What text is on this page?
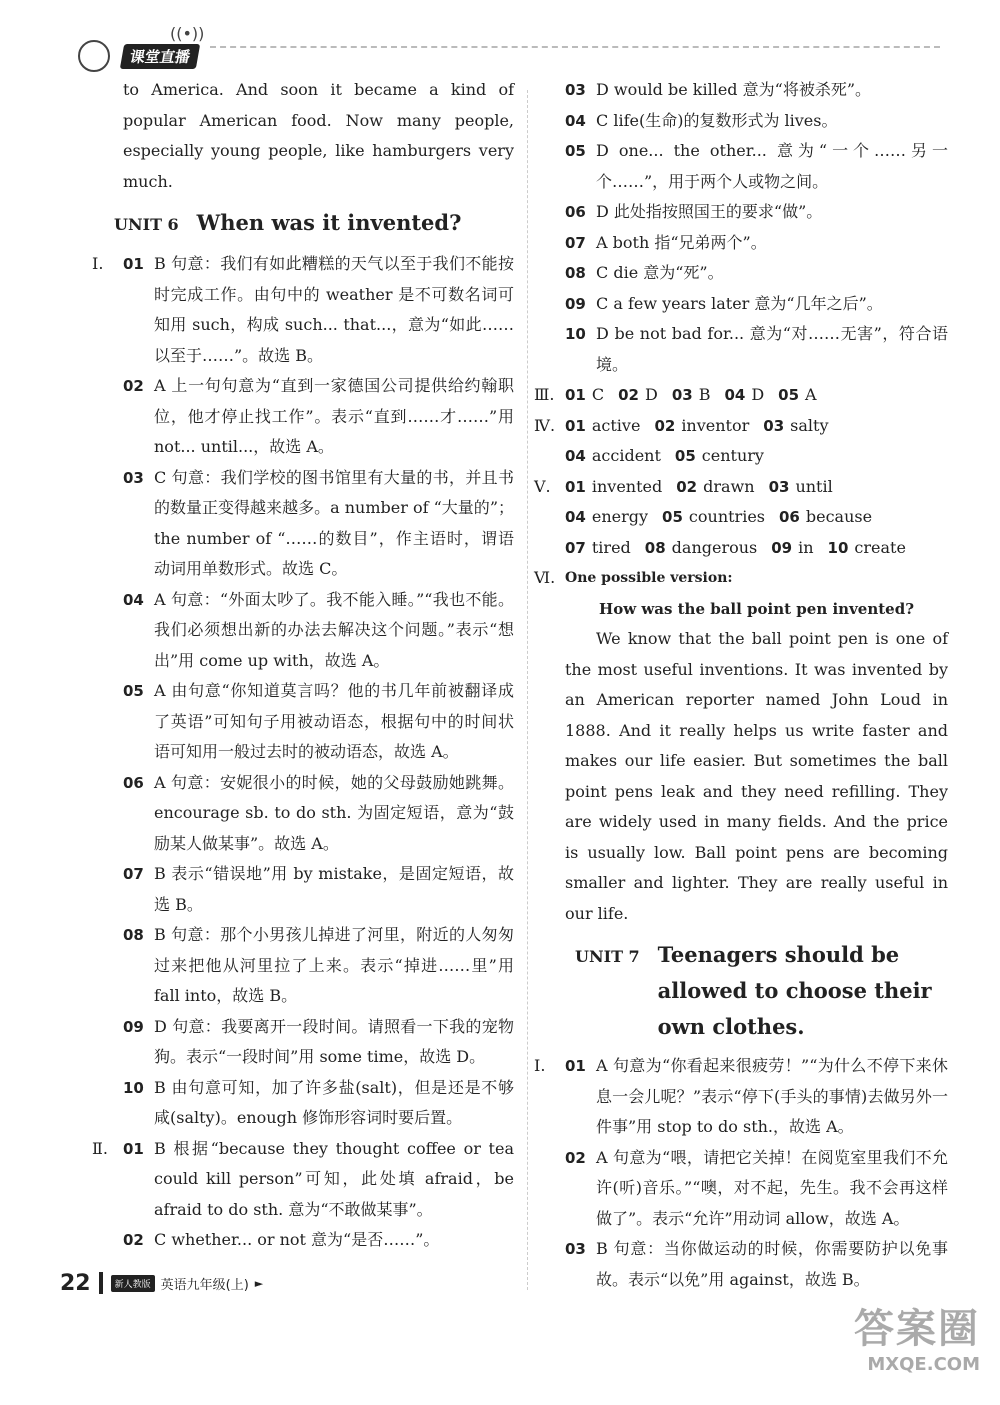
课堂直播
((•))
to America. And soon it became a kind of popular American food. Now many people, especially young people, like hamburgers very much.
UNIT 6 When was it invented?
Ⅰ.	01 B 句意：我们有如此糟糕的天气以至于我们不能按时完成工作。由句中的 weather 是不可数名词可知用 such，构成 such... that...，意为“如此……以至于……”。故选 B。
02 A 上一句句意为“直到一家德国公司提供给约翰职位，他才停止找工作”。表示“直到……才……”用 not... until...，故选 A。
03 C 句意：我们学校的图书馆里有大量的书，并且书的数量正变得越来越多。a number of “大量的”；the number of “……的数目”，作主语时，谓语动词用单数形式。故选 C。
04 A 句意：“外面太吵了。我不能入睡。”“我也不能。我们必须想出新的办法去解决这个问题。”表示“想出”用 come up with，故选 A。
05 A 由句意“你知道莫言吗？他的书几年前被翻译成了英语”可知句子用被动语态，根据句中的时间状语可知用一般过去时的被动语态，故选 A。
06 A 句意：安妮很小的时候，她的父母鼓励她跳舞。encourage sb. to do sth. 为固定短语，意为“鼓励某人做某事”。故选 A。
07 B 表示“错误地”用 by mistake，是固定短语，故选 B。
08 B 句意：那个小男孩儿掉进了河里，附近的人匆匆过来把他从河里拉了上来。表示“掉进……里”用 fall into，故选 B。
09 D 句意：我要离开一段时间。请照看一下我的宠物狗。表示“一段时间”用 some time，故选 D。
10 B 由句意可知，加了许多盐(salt)，但是还是不够咸(salty)。enough 修饰形容词时要后置。
Ⅱ.	01 B 根据“because they thought coffee or tea could kill person”可知，此处填 afraid，be afraid to do sth. 意为“不敢做某事”。
02 C whether... or not 意为“是否……”。
03 D would be killed 意为“将被杀死”。
04 C life(生命)的复数形式为 lives。
05 D one... the other... 意为“一个……另一个……”，用于两个人或物之间。
06 D 此处指按照国王的要求“做”。
07 A both 指“兄弟两个”。
08 C die 意为“死”。
09 C a few years later 意为“几年之后”。
10 D be not bad for... 意为“对……无害”，符合语境。
Ⅲ. 01 C 02 D 03 B 04 D 05 A
Ⅳ. 01 active 02 inventor 03 salty
04 accident 05 century
Ⅴ. 01 invented 02 drawn 03 until
04 energy 05 countries 06 because
07 tired 08 dangerous 09 in 10 create
Ⅵ. One possible version:
How was the ball point pen invented?
We know that the ball point pen is one of the most useful inventions. It was invented by an American reporter named John Loud in 1888. And it really helps us write faster and makes our life easier. But sometimes the ball point pens leak and they need refilling. They are widely used in many fields. And the price is usually low. Ball point pens are becoming smaller and lighter. They are really useful in our life.
UNIT 7 Teenagers should be allowed to choose their own clothes.
Ⅰ.	01 A 句意为“你看起来很疲劳！”“为什么不停下来休息一会儿呢？”表示“停下(手头的事情)去做另外一件事”用 stop to do sth.，故选 A。
02 A 句意为“喂，请把它关掉！在阅览室里我们不允许(听)音乐。”“噢，对不起，先生。我不会再这样做了”。表示“允许”用动词 allow，故选 A。
03 B 句意：当你做运动的时候，你需要防护以免事故。表示“以免”用 against，故选 B。
22	新人教版 英语九年级(上) ►
答案圈
MXQE.COM
